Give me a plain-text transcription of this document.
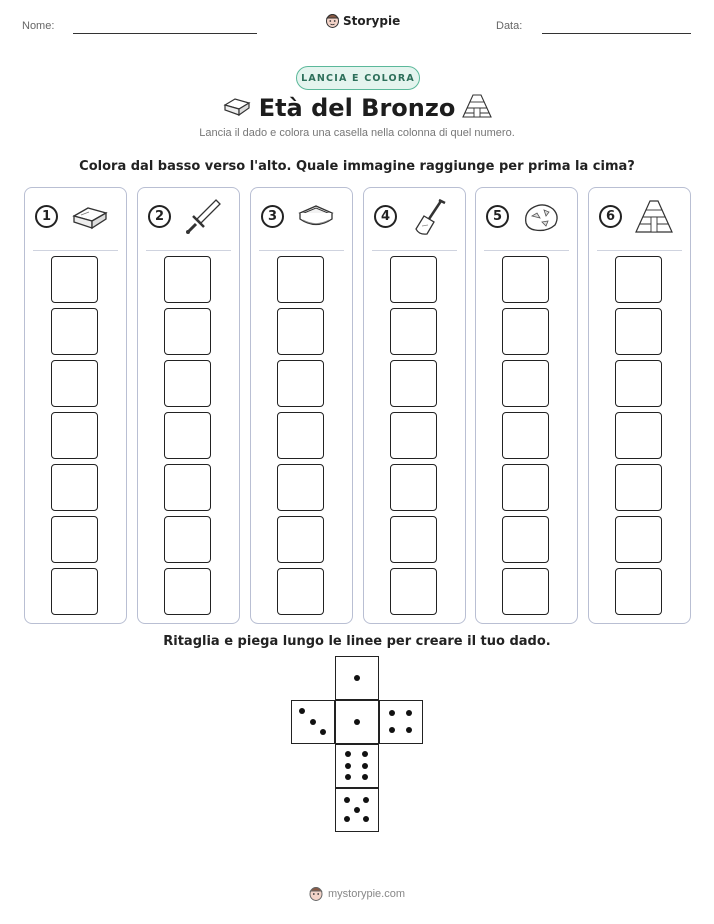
Nome:	Storypie	Data:
LANCIA E COLORA
Età del Bronzo
Lancia il dado e colora una casella nella colonna di quel numero.
Colora dal basso verso l'alto. Quale immagine raggiunge per prima la cima?
1	2	3	4	5	6
Ritaglia e piega lungo le linee per creare il tuo dado.
mystorypie.com
